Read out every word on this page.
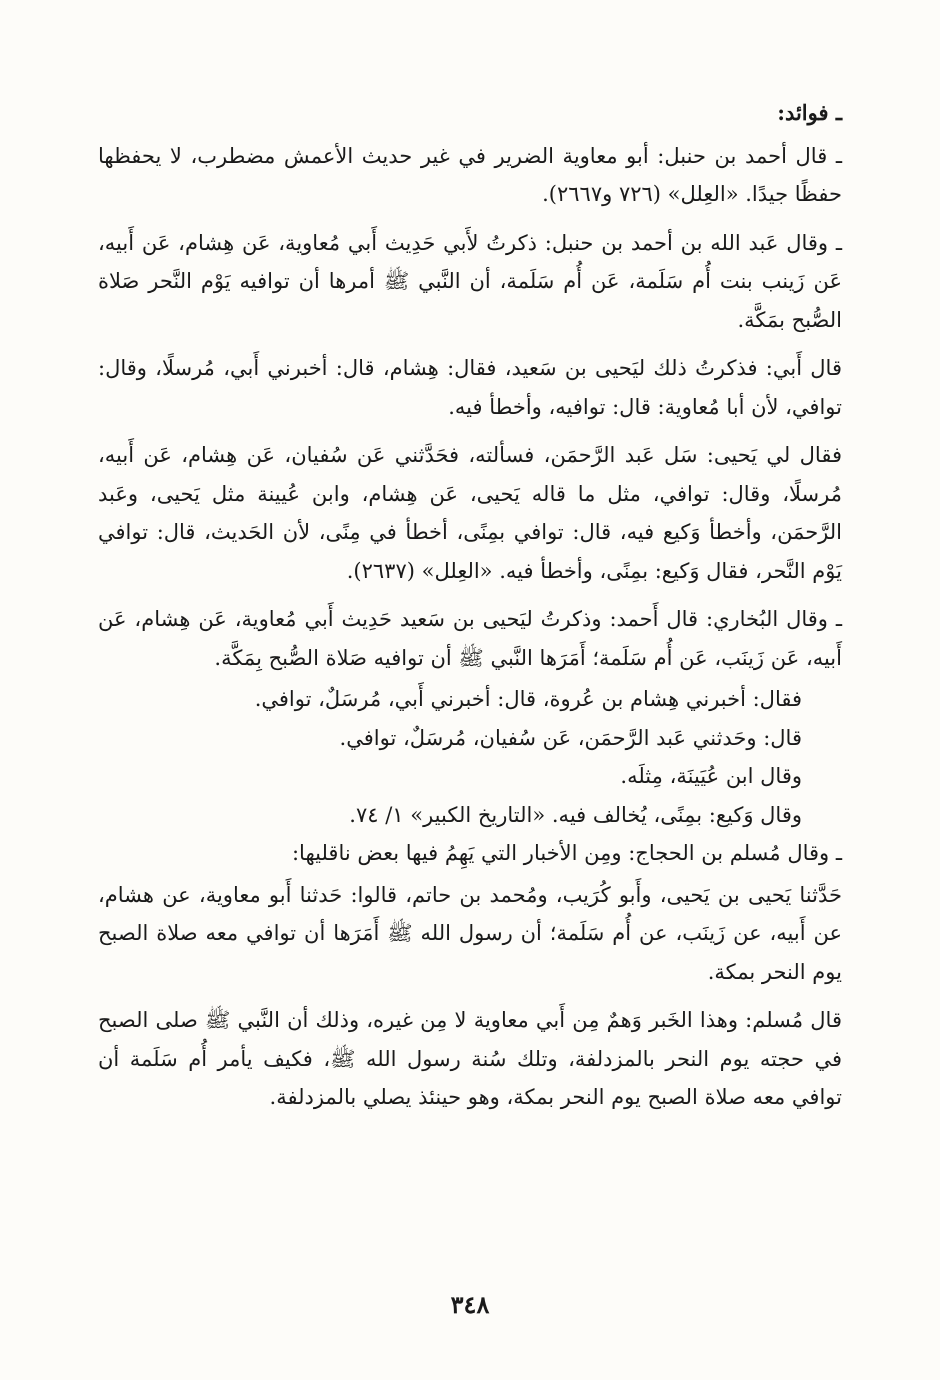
ـ فوائد:

ـ قال أحمد بن حنبل: أبو معاوية الضرير في غير حديث الأعمش مضطرب، لا يحفظها حفظًا جيدًا. «العِلل» (٧٢٦ و٢٦٦٧).

ـ وقال عَبد الله بن أحمد بن حنبل: ذكرتُ لأَبي حَدِيث أَبي مُعاوية، عَن هِشام، عَن أَبيه، عَن زَينب بنت أُم سَلَمة، عَن أُم سَلَمة، أن النَّبي ﷺ أمرها أن توافيه يَوْم النَّحر صَلاة الصُّبح بمَكَّة.

قال أَبي: فذكرتُ ذلك ليَحيى بن سَعيد، فقال: هِشام، قال: أخبرني أَبي، مُرسلًا، وقال: توافي، لأن أبا مُعاوية: قال: توافيه، وأخطأ فيه.

فقال لي يَحيى: سَل عَبد الرَّحمَن، فسألته، فحَدَّثني عَن سُفيان، عَن هِشام، عَن أَبيه، مُرسلًا، وقال: توافي، مثل ما قاله يَحيى، عَن هِشام، وابن عُيينة مثل يَحيى، وعَبد الرَّحمَن، وأخطأ وَكيع فيه، قال: توافي بمِنًى، أخطأ في مِنًى، لأن الحَديث، قال: توافي يَوْم النَّحر، فقال وَكيع: بمِنًى، وأخطأ فيه. «العِلل» (٢٦٣٧).

ـ وقال البُخاري: قال أَحمد: وذكرتُ ليَحيى بن سَعيد حَدِيث أَبي مُعاوية، عَن هِشام، عَن أَبيه، عَن زَينَب، عَن أُم سَلَمة؛ أَمَرَها النَّبي ﷺ أن توافيه صَلاة الصُّبح بِمَكَّة.

فقال: أخبرني هِشام بن عُروة، قال: أخبرني أَبي، مُرسَلٌ، توافي.

قال: وحَدثني عَبد الرَّحمَن، عَن سُفيان، مُرسَلٌ، توافي.

وقال ابن عُيَينَة، مِثلَه.

وقال وَكيع: بمِنًى، يُخالف فيه. «التاريخ الكبير» ١/ ٧٤.

ـ وقال مُسلم بن الحجاج: ومِن الأخبار التي يَهِمُ فيها بعض ناقليها:

حَدَّثنا يَحيى بن يَحيى، وأَبو كُرَيب، ومُحمد بن حاتم، قالوا: حَدثنا أَبو معاوية، عن هشام، عن أَبيه، عن زَينَب، عن أُم سَلَمة؛ أن رسول الله ﷺ أَمَرَها أن توافي معه صلاة الصبح يوم النحر بمكة.

قال مُسلم: وهذا الخَبر وَهمٌ مِن أَبي معاوية لا مِن غيره، وذلك أن النَّبي ﷺ صلى الصبح في حجته يوم النحر بالمزدلفة، وتلك سُنة رسول الله ﷺ، فكيف يأمر أُم سَلَمة أن توافي معه صلاة الصبح يوم النحر بمكة، وهو حينئذ يصلي بالمزدلفة.

٣٤٨
